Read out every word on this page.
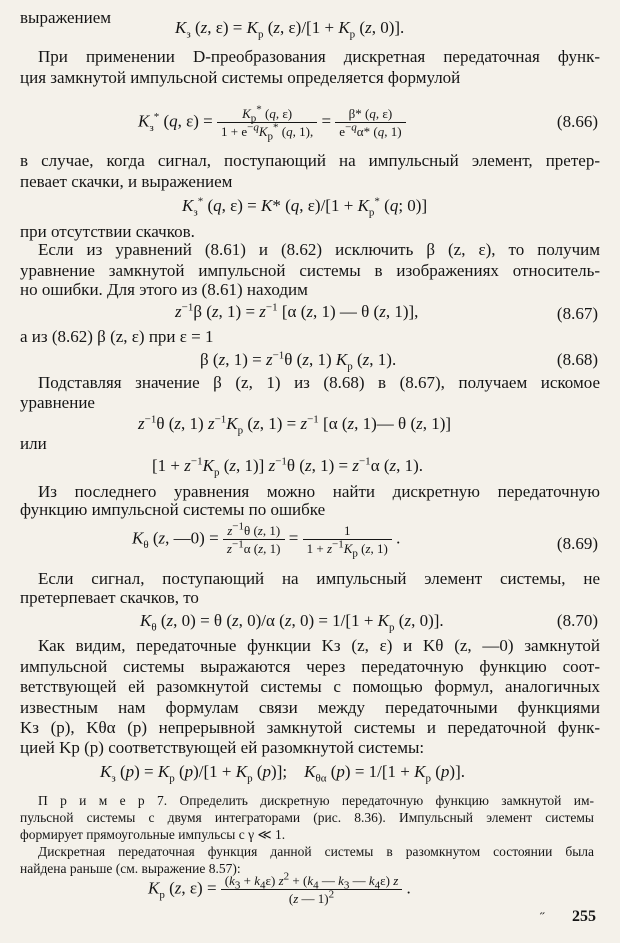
выражением
$K_з$ (z, $\varepsilon) = K_р$ (z, $\varepsilon)/[1 + K_р$ (z, 0)].
При применении D-преобразования дискретная передаточная функ-
ция замкнутой импульсной системы определяется формулой
$K_з^*$ (q, $\varepsilon) = \frac{K_р^* (q, \varepsilon)}{1 + e^{-q}K_р^* (q, 1),} = \frac{\beta* (q, \varepsilon)}{e^{-q}\alpha* (q, 1)}$	(8.66)
в случае, когда сигнал, поступающий на импульсный элемент, претер-
певает скачки, и выражением
$K_з^*$ (q, ε) = K* (q, $\varepsilon)/[1 + K_р^*$ (q; 0)]
при отсутствии скачков.
Если из уравнений (8.61) и (8.62) исключить β (z, ε), то получим
уравнение замкнутой импульсной системы в изображениях относитель-
но ошибки. Для этого из (8.61) находим
$z^{-1}\beta$ (z, $1) = z^{-1}$ [α (z, 1) — θ (z, 1)],	(8.67)
а из (8.62) β (z, ε) при ε = 1
β (z, $1) = z^{-1}\theta$ (z, 1) $K_р$ (z, 1).	(8.68)
Подставляя значение β (z, 1) из (8.68) в (8.67), получаем искомое
уравнение
$z^{-1}\theta$ (z, 1) $z^{-1}K_р$ (z, $1) = z^{-1}$ [α (z, 1)— θ (z, 1)]
или
[$1 + z^{-1}K_р$ (z, 1)] $z^{-1}\theta$ (z, $1) = z^{-1}\alpha$ (z, 1).
Из последнего уравнения можно найти дискретную передаточную
функцию импульсной системы по ошибке
$K_\theta$ (z, —0) = $\frac{z^{-1}\theta (z, 1)}{z^{-1}\alpha (z, 1)} = \frac{1}{1 + z^{-1}K_р (z, 1)}$ .	(8.69)
Если сигнал, поступающий на импульсный элемент системы, не
претерпевает скачков, то
$K_\theta$ (z, 0) = θ (z, 0)/α (z, $0) = 1/[1 + K_р$ (z, 0)].	(8.70)
Как видим, передаточные функции Kз (z, ε) и Kθ (z, —0) замкнутой
импульсной системы выражаются через передаточную функцию соот-
ветствующей ей разомкнутой системы с помощью формул, аналогичных
известным нам формулам связи между передаточными функциями
Kз (p), Kθα (p) непрерывной замкнутой системы и передаточной функ-
цией Kр (p) соответствующей ей разомкнутой системы:
$K_з$ $(p) = K_р$ $(p)/[1 + K_р$ (p)];    $K_{\theta\alpha}$ $(p) = 1/[1 + K_р$ (p)].
П р и м е р 7. Определить дискретную передаточную функцию замкнутой им-
пульсной системы с двумя интеграторами (рис. 8.36). Импульсный элемент системы
формирует прямоугольные импульсы с γ ≪ 1.
Дискретная передаточная функция данной системы в разомкнутом состоянии была
найдена раньше (см. выражение 8.57):
$K_р$ (z, $\varepsilon) = \frac{(k_3 + k_4\varepsilon) z^2 + (k_4 — k_3 — k_4\varepsilon) z}{(z — 1)^2}$ .
˶ 255
